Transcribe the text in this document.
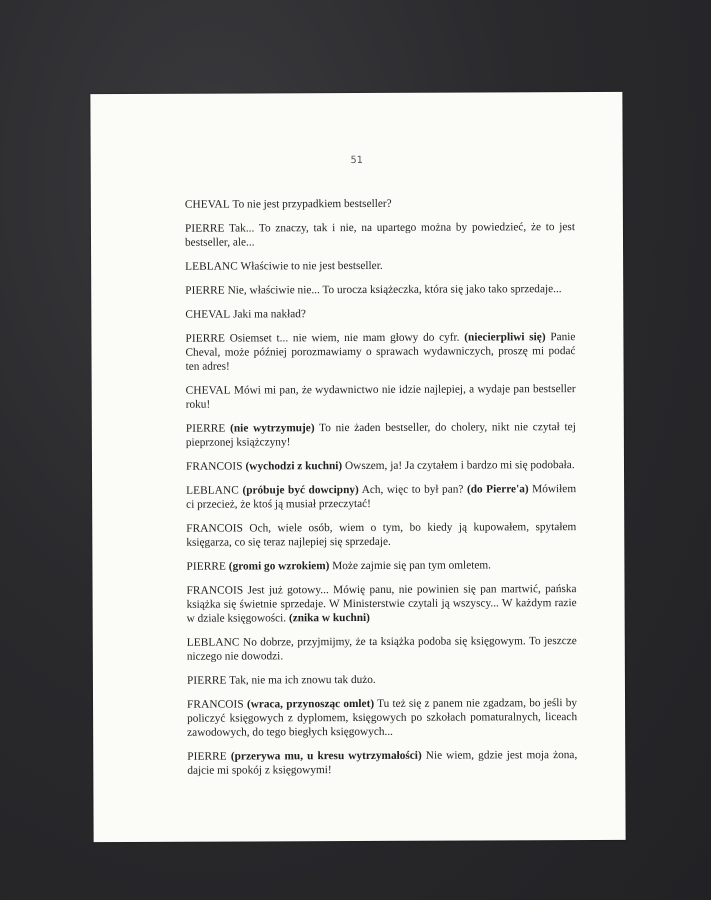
51

CHEVAL To nie jest przypadkiem bestseller?

PIERRE Tak... To znaczy, tak i nie, na upartego można by powiedzieć, że to jest bestseller, ale...

LEBLANC Właściwie to nie jest bestseller.

PIERRE Nie, właściwie nie... To urocza książeczka, która się jako tako sprzedaje...

CHEVAL Jaki ma nakład?

PIERRE Osiemset t... nie wiem, nie mam głowy do cyfr. (niecierpliwi się) Panie Cheval, może później porozmawiamy o sprawach wydawniczych, proszę mi podać ten adres!

CHEVAL Mówi mi pan, że wydawnictwo nie idzie najlepiej, a wydaje pan bestseller roku!

PIERRE (nie wytrzymuje) To nie żaden bestseller, do cholery, nikt nie czytał tej pieprzonej książczyny!

FRANCOIS (wychodzi z kuchni) Owszem, ja! Ja czytałem i bardzo mi się podobała.

LEBLANC (próbuje być dowcipny) Ach, więc to był pan? (do Pierre'a) Mówiłem ci przecież, że ktoś ją musiał przeczytać!

FRANCOIS Och, wiele osób, wiem o tym, bo kiedy ją kupowałem, spytałem księgarza, co się teraz najlepiej się sprzedaje.

PIERRE (gromi go wzrokiem) Może zajmie się pan tym omletem.

FRANCOIS Jest już gotowy... Mówię panu, nie powinien się pan martwić, pańska książka się świetnie sprzedaje. W Ministerstwie czytali ją wszyscy... W każdym razie w dziale księgowości. (znika w kuchni)

LEBLANC No dobrze, przyjmijmy, że ta książka podoba się księgowym. To jeszcze niczego nie dowodzi.

PIERRE Tak, nie ma ich znowu tak dużo.

FRANCOIS (wraca, przynosząc omlet) Tu też się z panem nie zgadzam, bo jeśli by policzyć księgowych z dyplomem, księgowych po szkołach pomaturalnych, liceach zawodowych, do tego biegłych księgowych...

PIERRE (przerywa mu, u kresu wytrzymałości) Nie wiem, gdzie jest moja żona, dajcie mi spokój z księgowymi!
